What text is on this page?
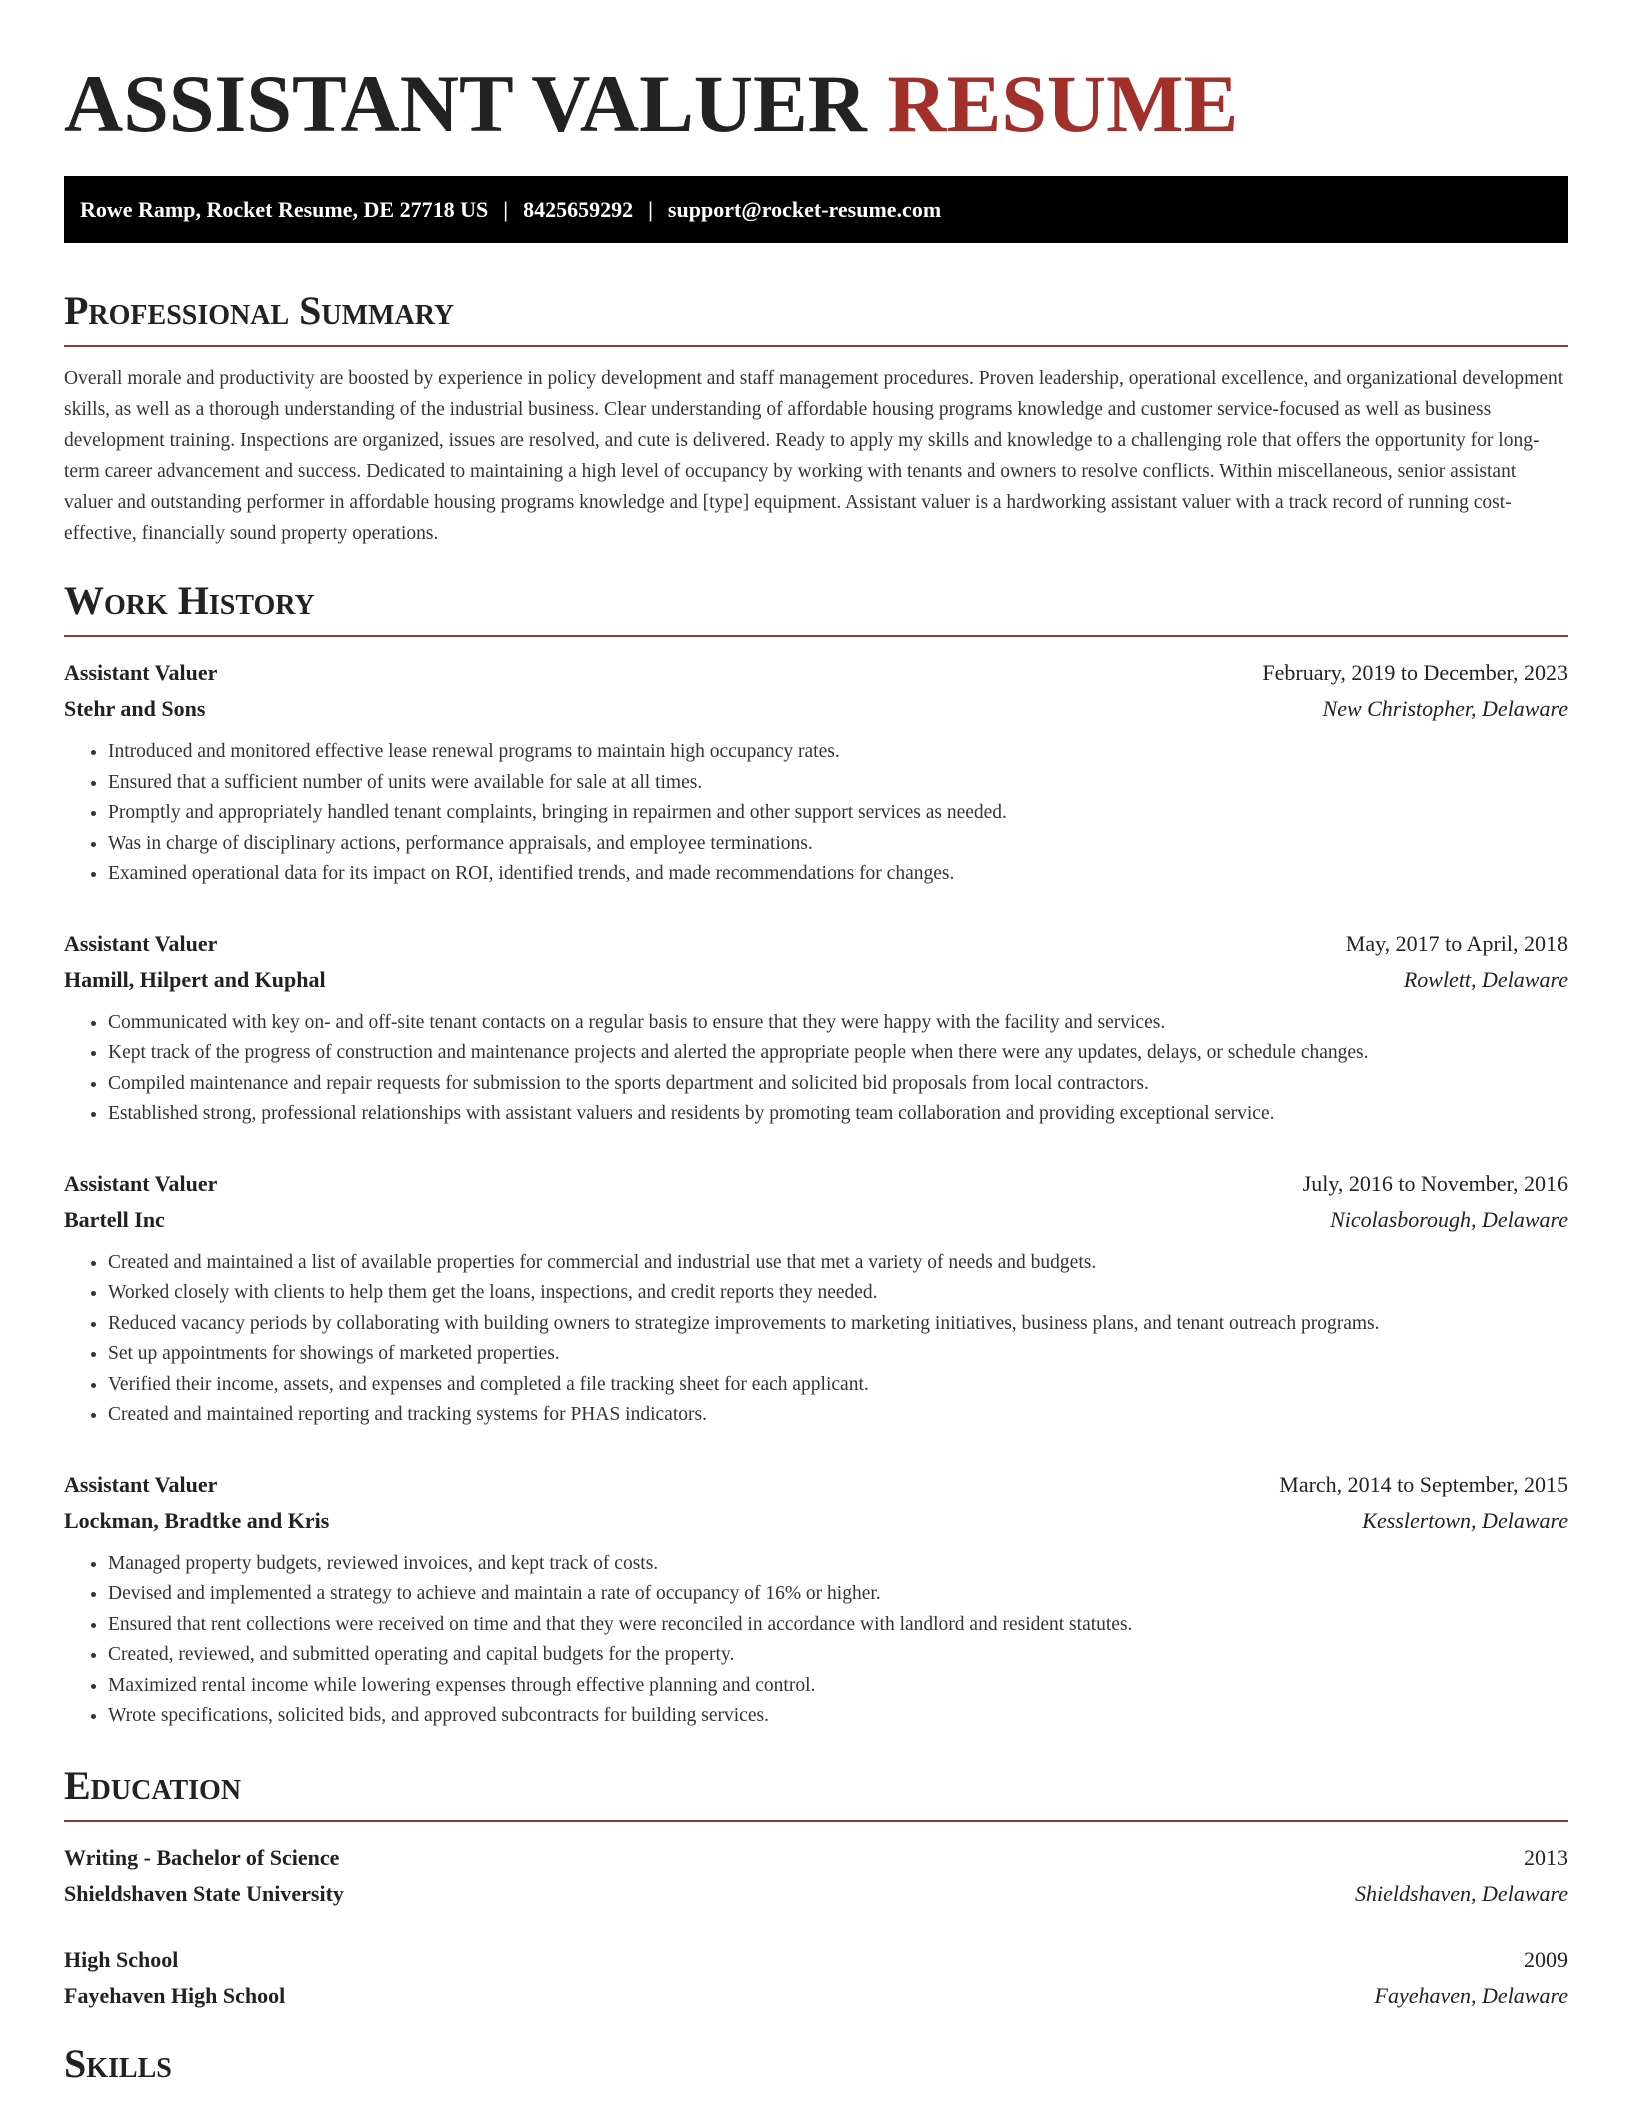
ASSISTANT VALUER RESUME
Rowe Ramp, Rocket Resume, DE 27718 US | 8425659292 | support@rocket-resume.com
Professional Summary

Overall morale and productivity are boosted by experience in policy development and staff management procedures. Proven leadership, operational excellence, and organizational development skills, as well as a thorough understanding of the industrial business. Clear understanding of affordable housing programs knowledge and customer service-focused as well as business development training. Inspections are organized, issues are resolved, and cute is delivered. Ready to apply my skills and knowledge to a challenging role that offers the opportunity for long-term career advancement and success. Dedicated to maintaining a high level of occupancy by working with tenants and owners to resolve conflicts. Within miscellaneous, senior assistant valuer and outstanding performer in affordable housing programs knowledge and [type] equipment. Assistant valuer is a hardworking assistant valuer with a track record of running cost-effective, financially sound property operations.

Work History
Assistant Valuer	February, 2019 to December, 2023
Stehr and Sons	New Christopher, Delaware
• Introduced and monitored effective lease renewal programs to maintain high occupancy rates.
• Ensured that a sufficient number of units were available for sale at all times.
• Promptly and appropriately handled tenant complaints, bringing in repairmen and other support services as needed.
• Was in charge of disciplinary actions, performance appraisals, and employee terminations.
• Examined operational data for its impact on ROI, identified trends, and made recommendations for changes.
Assistant Valuer	May, 2017 to April, 2018
Hamill, Hilpert and Kuphal	Rowlett, Delaware
• Communicated with key on- and off-site tenant contacts on a regular basis to ensure that they were happy with the facility and services.
• Kept track of the progress of construction and maintenance projects and alerted the appropriate people when there were any updates, delays, or schedule changes.
• Compiled maintenance and repair requests for submission to the sports department and solicited bid proposals from local contractors.
• Established strong, professional relationships with assistant valuers and residents by promoting team collaboration and providing exceptional service.
Assistant Valuer	July, 2016 to November, 2016
Bartell Inc	Nicolasborough, Delaware
• Created and maintained a list of available properties for commercial and industrial use that met a variety of needs and budgets.
• Worked closely with clients to help them get the loans, inspections, and credit reports they needed.
• Reduced vacancy periods by collaborating with building owners to strategize improvements to marketing initiatives, business plans, and tenant outreach programs.
• Set up appointments for showings of marketed properties.
• Verified their income, assets, and expenses and completed a file tracking sheet for each applicant.
• Created and maintained reporting and tracking systems for PHAS indicators.
Assistant Valuer	March, 2014 to September, 2015
Lockman, Bradtke and Kris	Kesslertown, Delaware
• Managed property budgets, reviewed invoices, and kept track of costs.
• Devised and implemented a strategy to achieve and maintain a rate of occupancy of 16% or higher.
• Ensured that rent collections were received on time and that they were reconciled in accordance with landlord and resident statutes.
• Created, reviewed, and submitted operating and capital budgets for the property.
• Maximized rental income while lowering expenses through effective planning and control.
• Wrote specifications, solicited bids, and approved subcontracts for building services.
Education
Writing - Bachelor of Science	2013
Shieldshaven State University	Shieldshaven, Delaware
High School	2009
Fayehaven High School	Fayehaven, Delaware
Skills
